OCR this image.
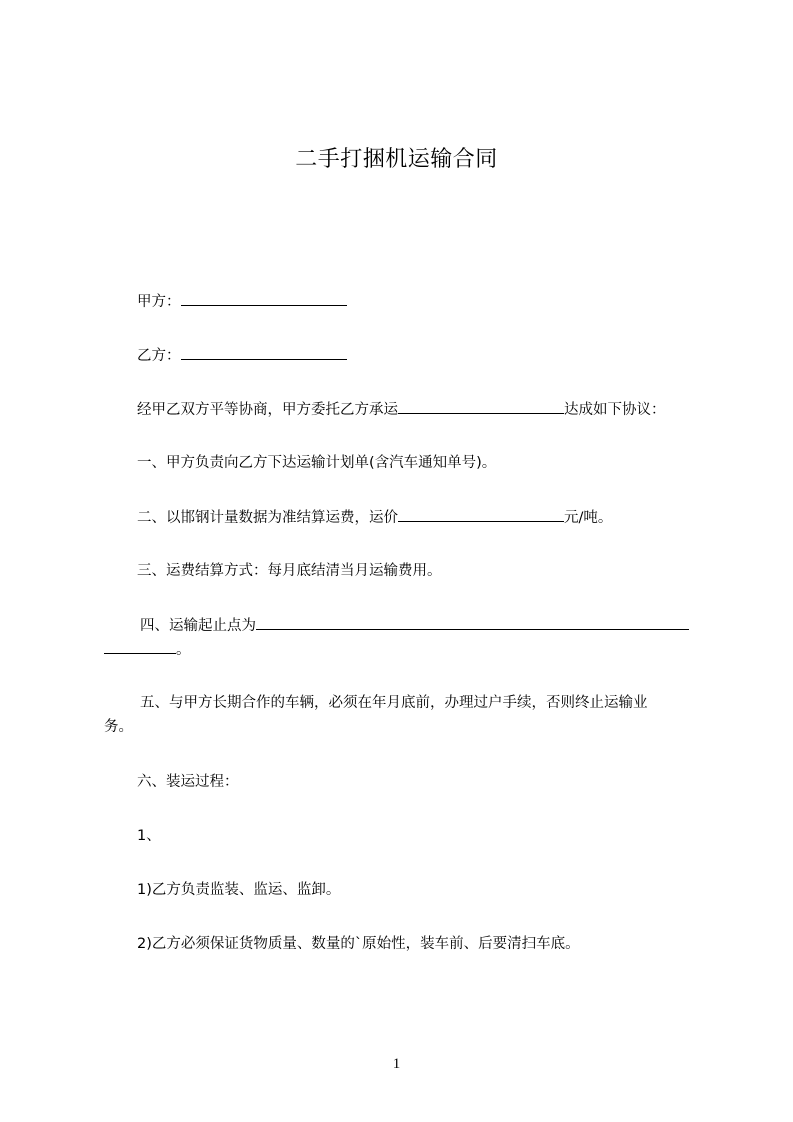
二手打捆机运输合同
甲方：
乙方：
经甲乙双方平等协商，甲方委托乙方承运	达成如下协议：
一、甲方负责向乙方下达运输计划单(含汽车通知单号)。
二、以邯钢计量数据为准结算运费，运价	元/吨。
三、运费结算方式：每月底结清当月运输费用。
四、运输起止点为
。
五、与甲方长期合作的车辆，必须在年月底前，办理过户手续，否则终止运输业
务。
六、装运过程：
1、
1)乙方负责监装、监运、监卸。
2)乙方必须保证货物质量、数量的`原始性，装车前、后要清扫车底。
1
